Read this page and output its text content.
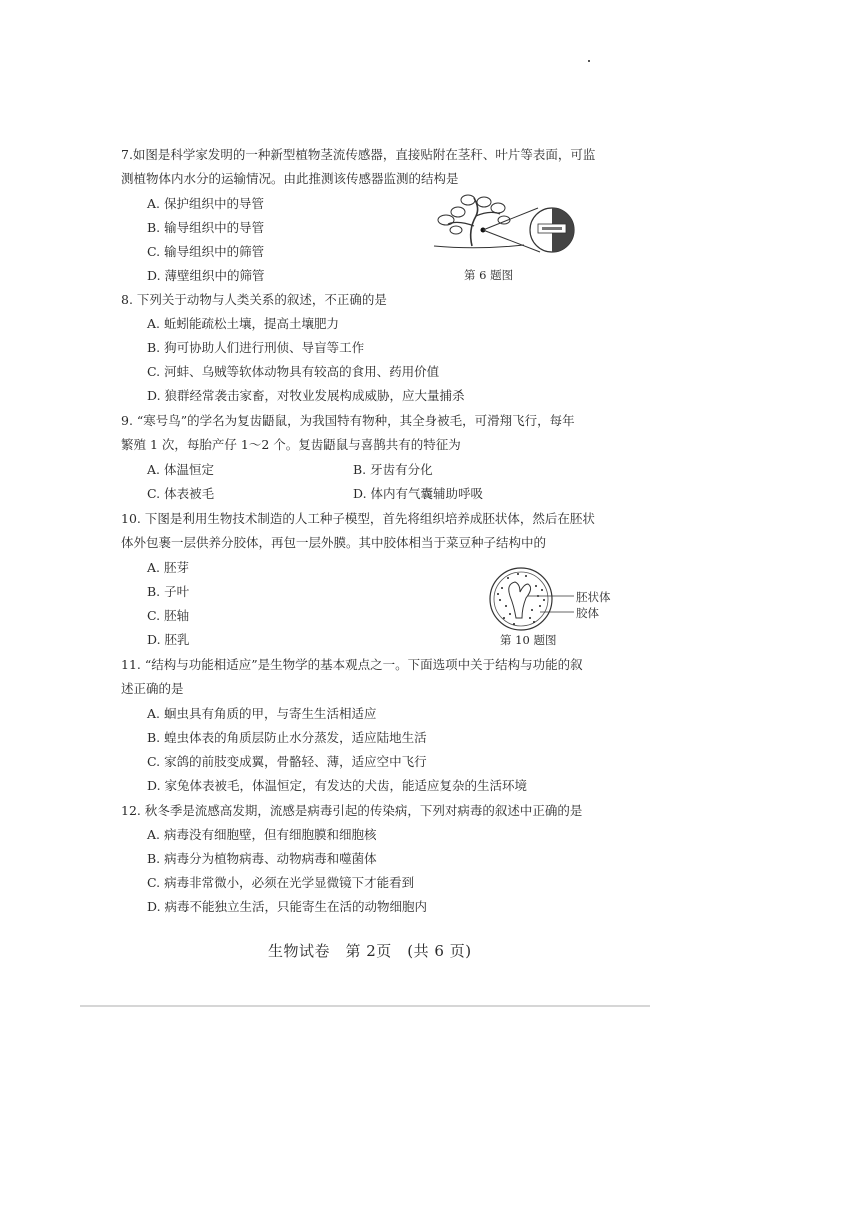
7.如图是科学家发明的一种新型植物茎流传感器，直接贴附在茎秆、叶片等表面，可监
测植物体内水分的运输情况。由此推测该传感器监测的结构是
A. 保护组织中的导管
B. 输导组织中的导管
C. 输导组织中的筛管
D. 薄壁组织中的筛管	第 6 题图
8. 下列关于动物与人类关系的叙述，不正确的是
A. 蚯蚓能疏松土壤，提高土壤肥力
B. 狗可协助人们进行刑侦、导盲等工作
C. 河蚌、乌贼等软体动物具有较高的食用、药用价值
D. 狼群经常袭击家畜，对牧业发展构成威胁，应大量捕杀
9. “寒号鸟”的学名为复齿鼯鼠，为我国特有物种，其全身被毛，可滑翔飞行，每年
繁殖 1 次，每胎产仔 1～2 个。复齿鼯鼠与喜鹊共有的特征为
A. 体温恒定	B. 牙齿有分化
C. 体表被毛	D. 体内有气囊辅助呼吸
10. 下图是利用生物技术制造的人工种子模型，首先将组织培养成胚状体，然后在胚状
体外包裹一层供养分胶体，再包一层外膜。其中胶体相当于菜豆种子结构中的
A. 胚芽
B. 子叶
C. 胚轴
D. 胚乳
胚状体
胶体
第 10 题图
11. “结构与功能相适应”是生物学的基本观点之一。下面选项中关于结构与功能的叙
述正确的是
A. 蛔虫具有角质的甲，与寄生生活相适应
B. 蝗虫体表的角质层防止水分蒸发，适应陆地生活
C. 家鸽的前肢变成翼，骨骼轻、薄，适应空中飞行
D. 家兔体表被毛，体温恒定，有发达的犬齿，能适应复杂的生活环境
12. 秋冬季是流感高发期，流感是病毒引起的传染病，下列对病毒的叙述中正确的是
A. 病毒没有细胞壁，但有细胞膜和细胞核
B. 病毒分为植物病毒、动物病毒和噬菌体
C. 病毒非常微小，必须在光学显微镜下才能看到
D. 病毒不能独立生活，只能寄生在活的动物细胞内
生物试卷　第 2页　(共 6 页)
